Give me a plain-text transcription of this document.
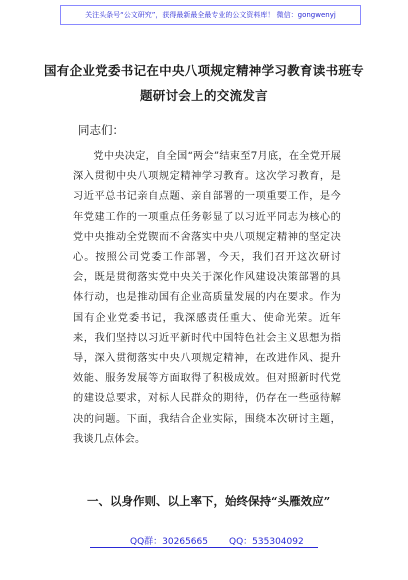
关注头条号“公文研究”，获得最新最全最专业的公文资料库！ 微信：gongwenyj
国有企业党委书记在中央八项规定精神学习教育读书班专题研讨会上的交流发言
同志们：
党中央决定，自全国“两会”结束至7月底，在全党开展深入贯彻中央八项规定精神学习教育。这次学习教育，是习近平总书记亲自点题、亲自部署的一项重要工作，是今年党建工作的一项重点任务彰显了以习近平同志为核心的党中央推动全党锲而不舍落实中央八项规定精神的坚定决心。按照公司党委工作部署，今天，我们召开这次研讨会，既是贯彻落实党中央关于深化作风建设决策部署的具体行动，也是推动国有企业高质量发展的内在要求。作为国有企业党委书记，我深感责任重大、使命光荣。近年来，我们坚持以习近平新时代中国特色社会主义思想为指导，深入贯彻落实中央八项规定精神，在改进作风、提升效能、服务发展等方面取得了积极成效。但对照新时代党的建设总要求，对标人民群众的期待，仍存在一些亟待解决的问题。下面，我结合企业实际，围绕本次研讨主题，我谈几点体会。
一、以身作则、以上率下，始终保持“头雁效应”
QQ群：30265665 QQ：535304092
